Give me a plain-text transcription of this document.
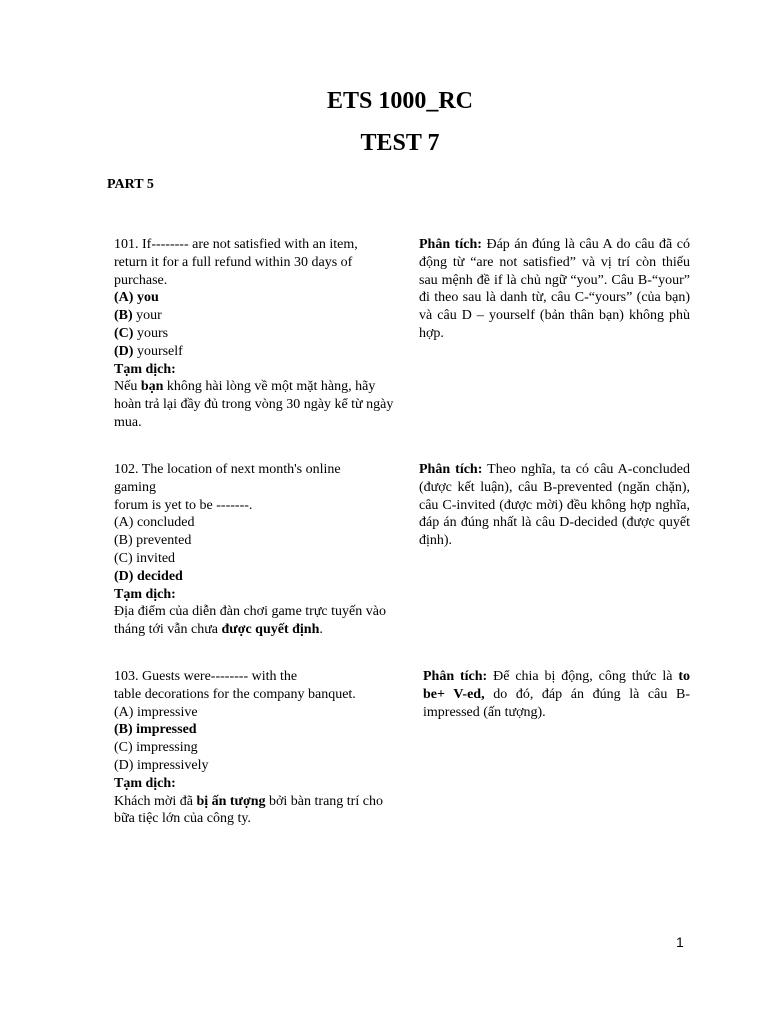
ETS 1000_RC
TEST 7
PART 5
101. If-------- are not satisfied with an item,
return it for a full refund within 30 days of
purchase.
(A) you
(B) your
(C) yours
(D) yourself
Tạm dịch:
Nếu bạn không hài lòng về một mặt hàng, hãy hoàn trả lại đầy đủ trong vòng 30 ngày kể từ ngày mua.
Phân tích: Đáp án đúng là câu A do câu đã có động từ “are not satisfied” và vị trí còn thiếu sau mệnh đề if là chủ ngữ “you”. Câu B-“your” đi theo sau là danh từ, câu C-“yours” (của bạn) và câu D – yourself (bản thân bạn) không phù hợp.
102. The location of next month's online
gaming
forum is yet to be -------.
(A) concluded
(B) prevented
(C) invited
(D) decided
Tạm dịch:
Địa điểm của diễn đàn chơi game trực tuyến vào tháng tới vẫn chưa được quyết định.
Phân tích: Theo nghĩa, ta có câu A-concluded (được kết luận), câu B-prevented (ngăn chặn), câu C-invited (được mời) đều không hợp nghĩa, đáp án đúng nhất là câu D-decided (được quyết định).
103. Guests were-------- with the
table decorations for the company banquet.
(A) impressive
(B) impressed
(C) impressing
(D) impressively
Tạm dịch:
Khách mời đã bị ấn tượng bởi bàn trang trí cho bữa tiệc lớn của công ty.
Phân tích: Để chia bị động, công thức là to be+ V-ed, do đó, đáp án đúng là câu B-impressed (ấn tượng).
1
